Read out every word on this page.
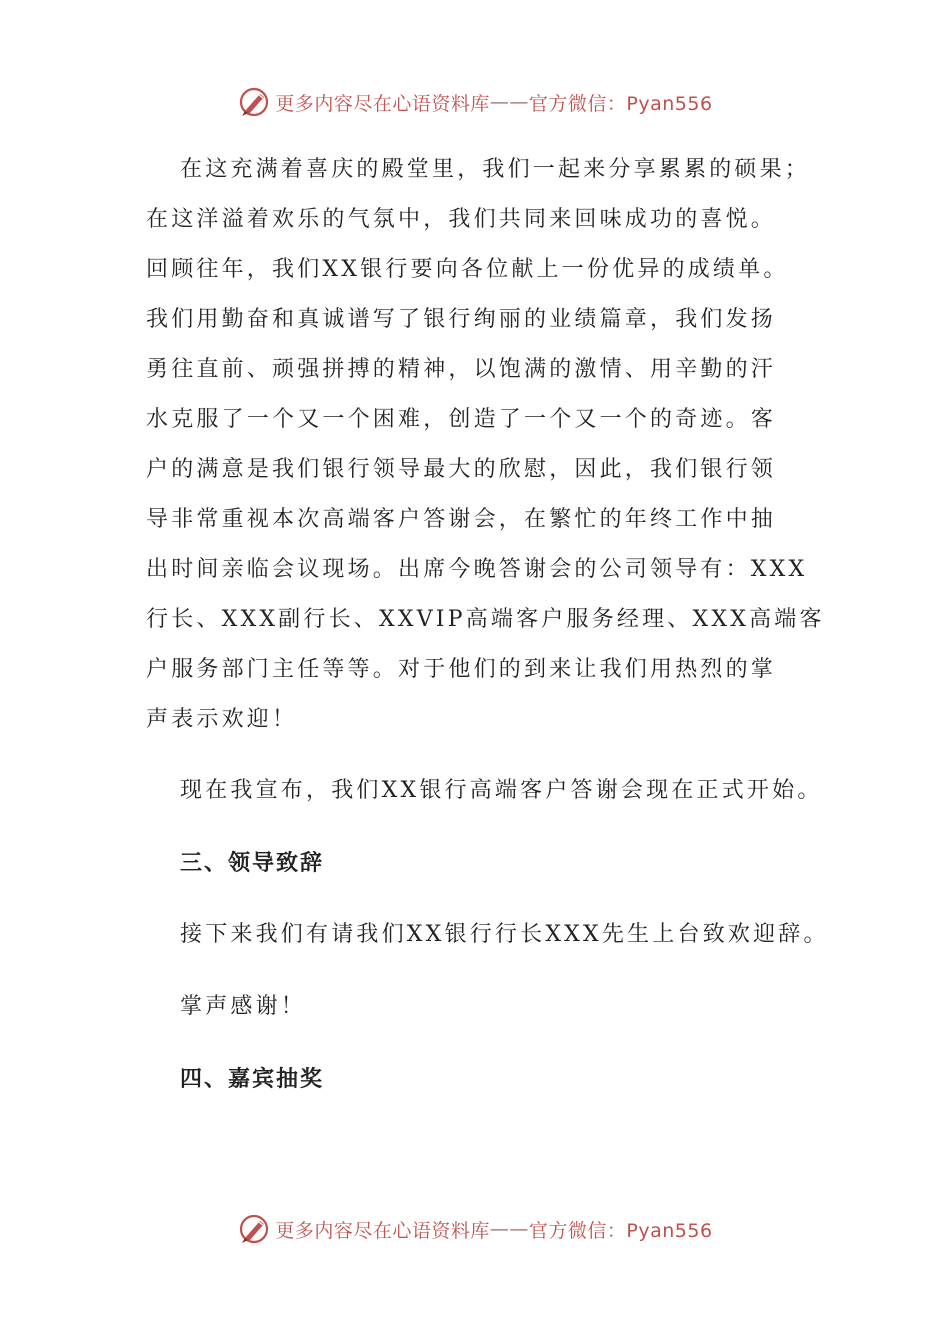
更多内容尽在心语资料库 —— 官方微信：Pyan556
在这充满着喜庆的殿堂里，我们一起来分享累累的硕果；
在这洋溢着欢乐的气氛中，我们共同来回味成功的喜悦。
回顾往年，我们XX银行要向各位献上一份优异的成绩单。
我们用勤奋和真诚谱写了银行绚丽的业绩篇章，我们发扬
勇往直前、顽强拼搏的精神，以饱满的激情、用辛勤的汗
水克服了一个又一个困难，创造了一个又一个的奇迹。客
户的满意是我们银行领导最大的欣慰，因此，我们银行领
导非常重视本次高端客户答谢会，在繁忙的年终工作中抽
出时间亲临会议现场。出席今晚答谢会的公司领导有：XXX
行长、XXX副行长、XXVIP高端客户服务经理、XXX高端客
户服务部门主任等等。对于他们的到来让我们用热烈的掌
声表示欢迎！
现在我宣布，我们XX银行高端客户答谢会现在正式开始。
三、领导致辞
接下来我们有请我们XX银行行长XXX先生上台致欢迎辞。
掌声感谢！
四、嘉宾抽奖
更多内容尽在心语资料库 —— 官方微信：Pyan556
